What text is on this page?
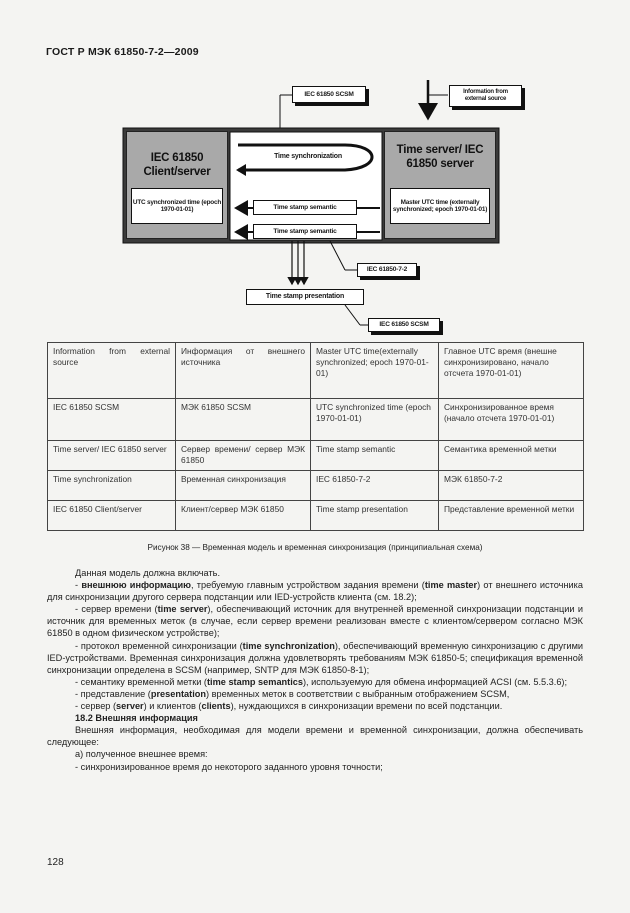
ГОСТ Р МЭК 61850-7-2—2009
IEC 61850 SCSM	Information from external source
IEC 61850 Client/server
UTC synchronized time (epoch 1970-01-01)
Time server/ IEC 61850 server
Master UTC time (externally synchronized; epoch 1970-01-01)
Time synchronization
Time stamp semantic
Time stamp semantic
IEC 61850-7-2
Time stamp presentation
IEC 61850 SCSM
Information from external source	Информация от внешнего источника	Master UTC time(externally synchronized; epoch 1970-01-01)	Главное UTC время (внешне синхронизировано, начало отсчета 1970-01-01)
IEC 61850 SCSM	МЭК 61850 SCSM	UTC synchronized time (epoch 1970-01-01)	Синхронизированное время (начало отсчета 1970-01-01)
Time server/ IEC 61850 server	Сервер времени/ сервер МЭК 61850	Time stamp semantic	Семантика временной метки
Time synchronization	Временная синхронизация	IEC 61850-7-2	МЭК 61850-7-2
IEC 61850 Client/server	Клиент/сервер МЭК 61850	Time stamp presentation	Представление временной метки
Рисунок 38 — Временная модель и временная синхронизация (принципиальная схема)

Данная модель должна включать.

- внешнюю информацию, требуемую главным устройством задания времени (time master) от внешнего источника для синхронизации другого сервера подстанции или IED-устройств клиента (см. 18.2);

- сервер времени (time server), обеспечивающий источник для внутренней временной синхронизации подстанции и источник для временных меток (в случае, если сервер времени реализован вместе с клиентом/сервером согласно МЭК 61850 в одном физическом устройстве);

- протокол временной синхронизации (time synchronization), обеспечивающий временную синхронизацию с другими IED-устройствами. Временная синхронизация должна удовлетворять требованиям МЭК 61850-5; спецификация временной синхронизации определена в SCSM (например, SNTP для МЭК 61850-8-1);

- семантику временной метки (time stamp semantics), используемую для обмена информацией ACSI (см. 5.5.3.6);

- представление (presentation) временных меток в соответствии с выбранным отображением SCSM,

- сервер (server) и клиентов (clients), нуждающихся в синхронизации времени по всей подстанции.

18.2 Внешняя информация

Внешняя информация, необходимая для модели времени и временной синхронизации, должна обеспечивать следующее:

а) полученное внешнее время:

- синхронизированное время до некоторого заданного уровня точности;

128
